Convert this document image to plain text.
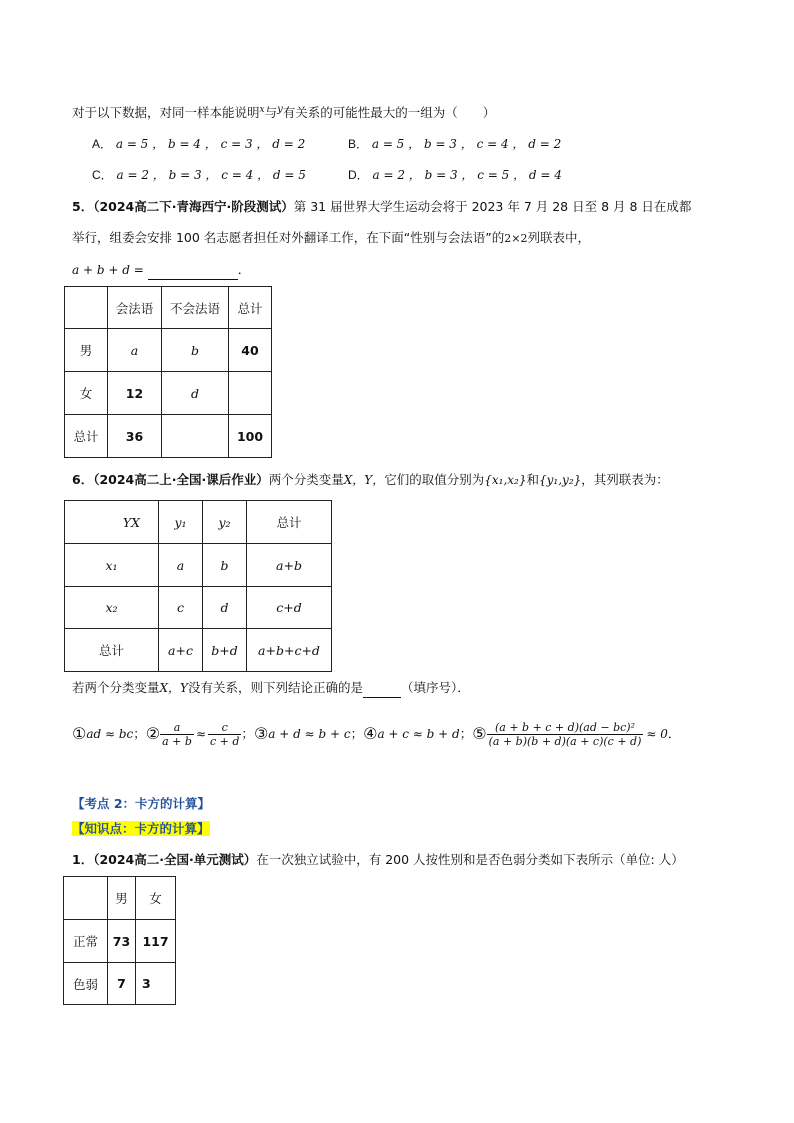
对于以下数据，对同一样本能说明$^x$与$^y$有关系的可能性最大的一组为（　　）
A． a = 5 ， b = 4 ， c = 3 ， d = 2	B． a = 5 ， b = 3 ， c = 4 ， d = 2
C． a = 2 ， b = 3 ， c = 4 ， d = 5	D． a = 2 ， b = 3 ， c = 5 ， d = 4
5．（2024高二下·青海西宁·阶段测试）第 31 届世界大学生运动会将于 2023 年 7 月 28 日至 8 月 8 日在成都
举行，组委会安排 100 名志愿者担任对外翻译工作，在下面“性别与会法语”的2×2列联表中，
a + b + d =	．
	会法语	不会法语	总计
男	a	b	40
女	12	d	
总计	36		100
6．（2024高二上·全国·课后作业）两个分类变量X，Y，它们的取值分别为{x₁,x₂}和{y₁,y₂}，其列联表为：
YX	y₁	y₂	总计
x₁	a	b	a+b
x₂	c	d	c+d
总计	a+c	b+d	a+b+c+d
若两个分类变量X，Y没有关系，则下列结论正确的是	（填序号）．
① ad ≈ bc ； ② $\frac{a}{a + b} \approx \frac{c}{c + d}$ ； ③ a + d ≈ b + c ； ④ a + c ≈ b + d ； ⑤ $\frac{\text{(a + b + c + d)(ad − bc)²}}{(a + b)(b + d)(a + c)(c + d)} \approx 0$ ．
【考点 2：卡方的计算】
【知识点：卡方的计算】
1．（2024高二·全国·单元测试）在一次独立试验中，有 200 人按性别和是否色弱分类如下表所示（单位: 人）
	男	女
正常	73	117
色弱	7	3
